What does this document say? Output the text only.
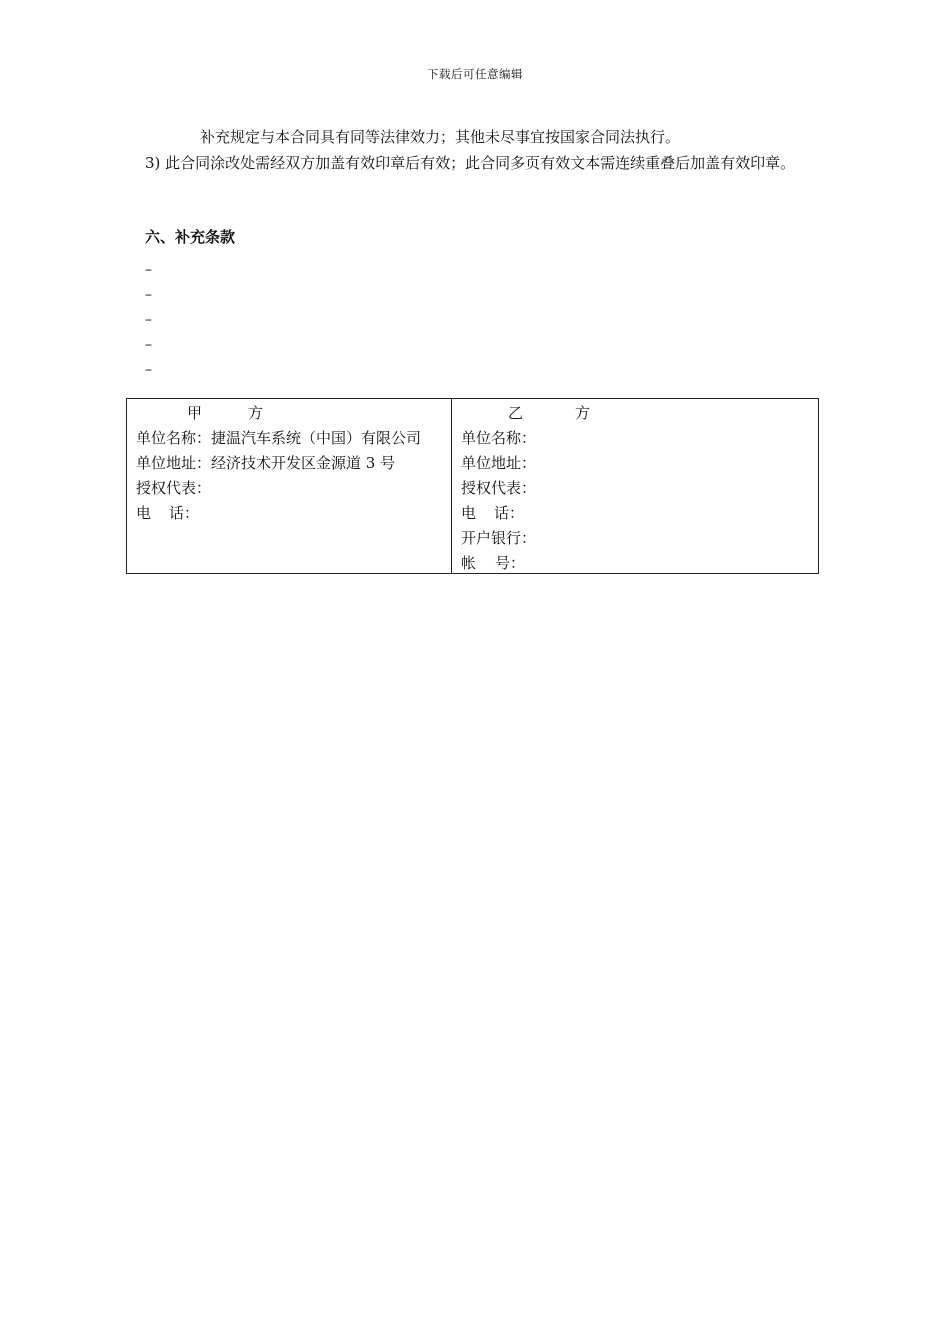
下载后可任意编辑
补充规定与本合同具有同等法律效力；其他未尽事宜按国家合同法执行。
3) 此合同涂改处需经双方加盖有效印章后有效；此合同多页有效文本需连续重叠后加盖有效印章。
六、补充条款
–
–
–
–
–
甲	方
单位名称：捷温汽车系统（中国）有限公司
单位地址：经济技术开发区金源道 3 号
授权代表：
电 话：
乙	方
单位名称：
单位地址：
授权代表：
电 话：
开户银行：
帐 号：
